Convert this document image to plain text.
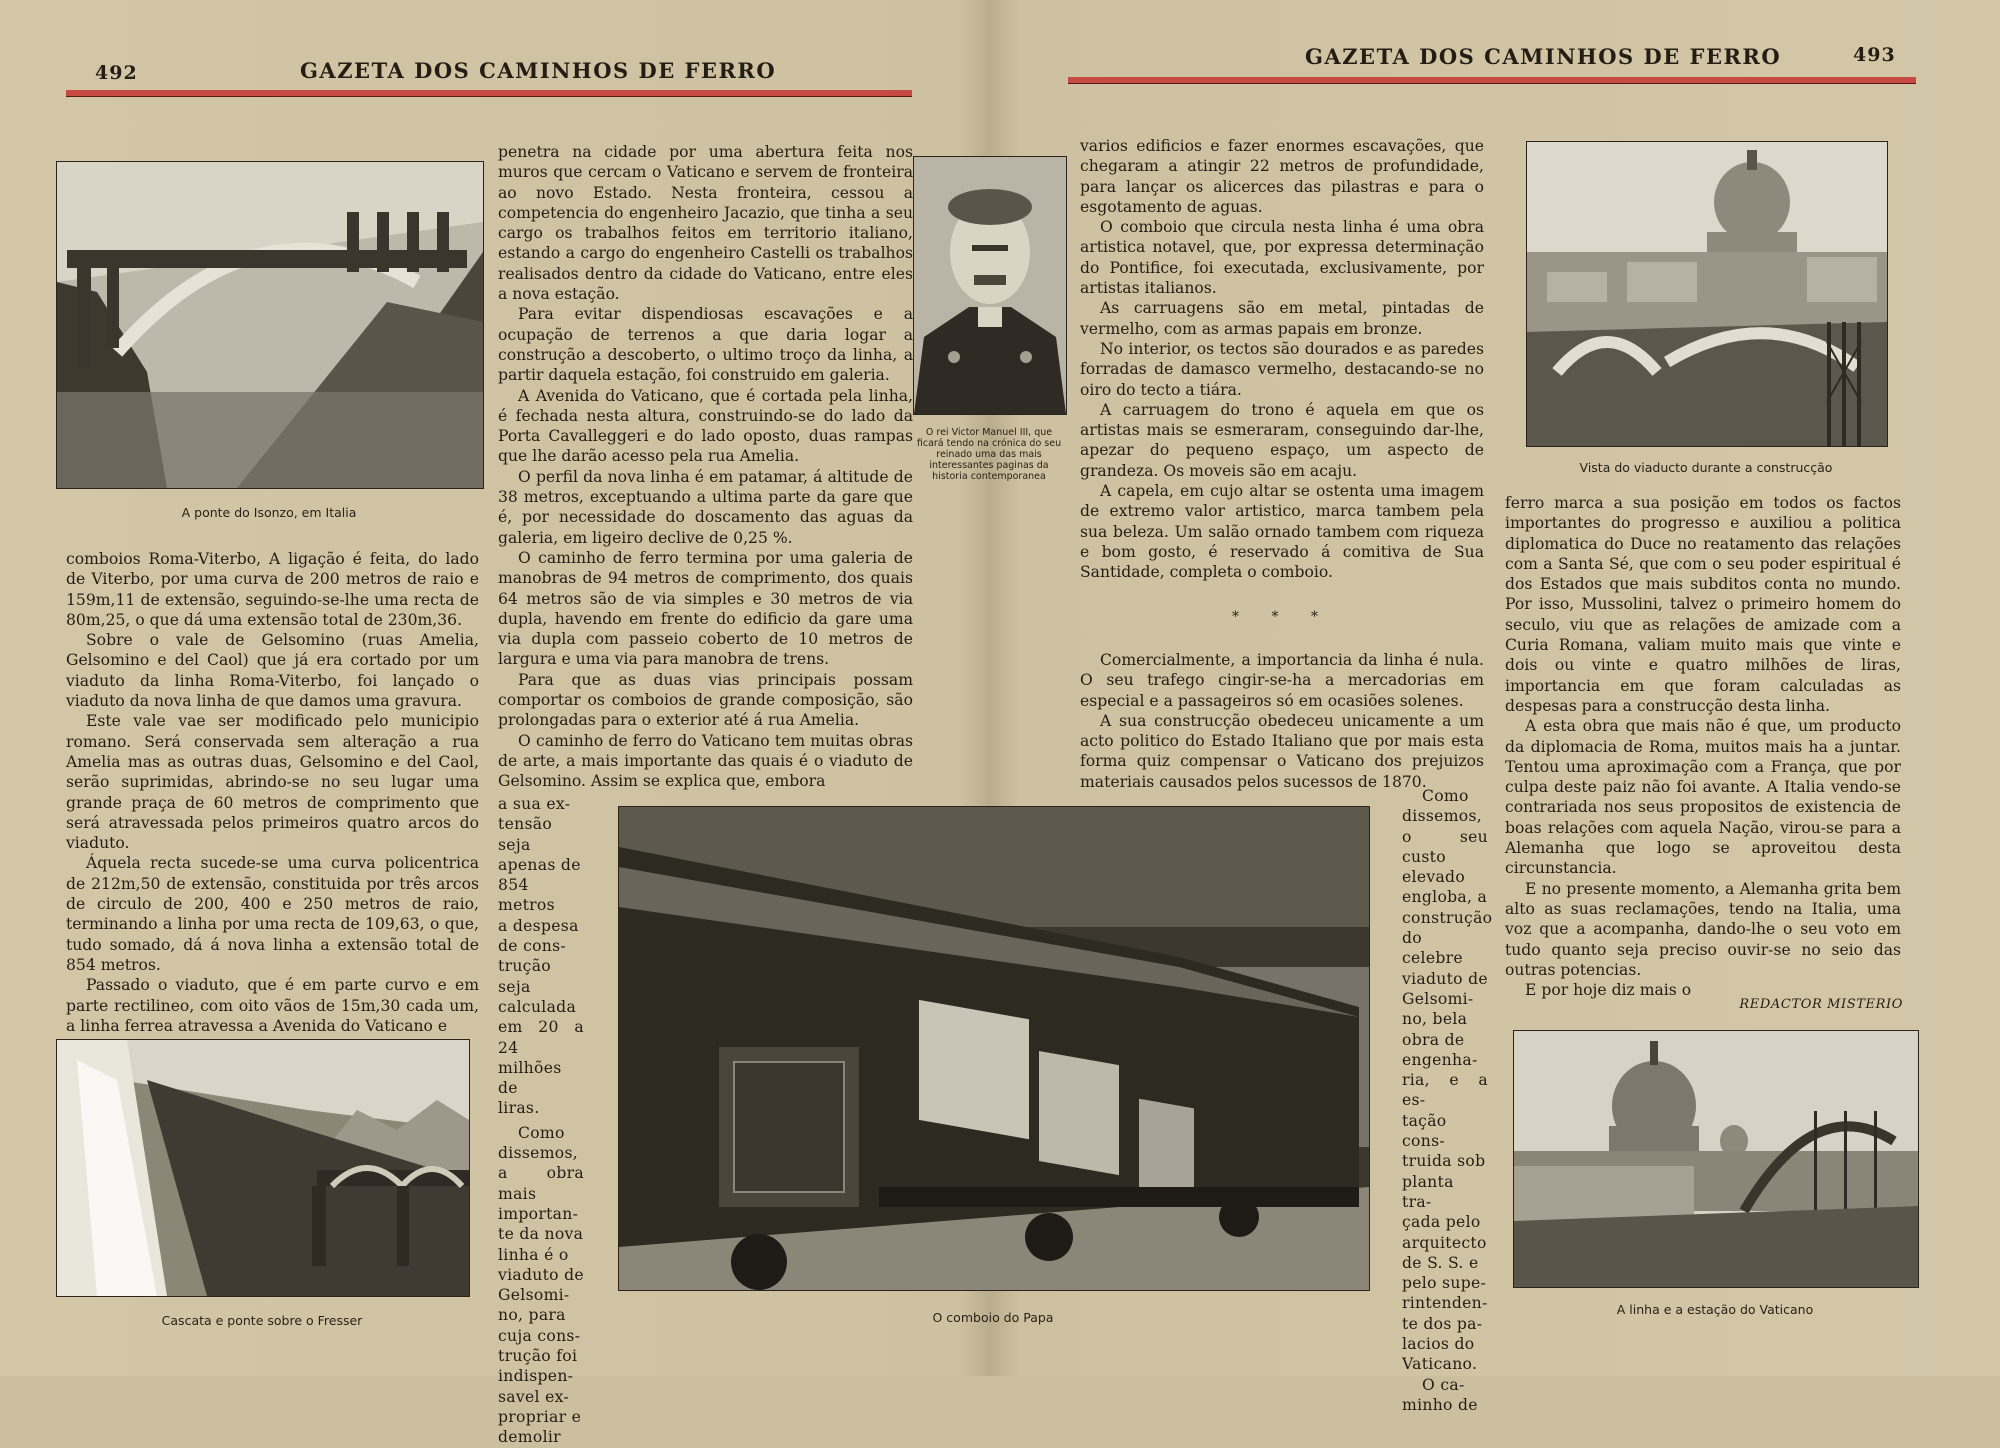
492	GAZETA DOS CAMINHOS DE FERRO
GAZETA DOS CAMINHOS DE FERRO	493
A ponte do Isonzo, em Italia

comboios Roma-Viterbo, A ligação é feita, do lado de Viterbo, por uma curva de 200 metros de raio e 159m,11 de extensão, seguindo-se-lhe uma recta de 80m,25, o que dá uma extensão total de 230m,36.

Sobre o vale de Gelsomino (ruas Amelia, Gelsomino e del Caol) que já era cortado por um viaduto da linha Roma-Viterbo, foi lançado o viaduto da nova linha de que damos uma gravura.

Este vale vae ser modificado pelo municipio romano. Será conservada sem alteração a rua Amelia mas as outras duas, Gelsomino e del Caol, serão suprimidas, abrindo-se no seu lugar uma grande praça de 60 metros de comprimento que será atravessada pelos primeiros quatro arcos do viaduto.

Áquela recta sucede-se uma curva policentrica de 212m,50 de extensão, constituida por três arcos de circulo de 200, 400 e 250 metros de raio, terminando a linha por uma recta de 109,63, o que, tudo somado, dá á nova linha a extensão total de 854 metros.

Passado o viaduto, que é em parte curvo e em parte rectilineo, com oito vãos de 15m,30 cada um, a linha ferrea atravessa a Avenida do Vaticano e

Cascata e ponte sobre o Fresser

penetra na cidade por uma abertura feita nos muros que cercam o Vaticano e servem de fronteira ao novo Estado. Nesta fronteira, cessou a competencia do engenheiro Jacazio, que tinha a seu cargo os trabalhos feitos em territorio italiano, estando a cargo do engenheiro Castelli os trabalhos realisados dentro da cidade do Vaticano, entre eles a nova estação.

Para evitar dispendiosas escavações e a ocupação de terrenos a que daria logar a construção a descoberto, o ultimo troço da linha, a partir daquela estação, foi construido em galeria.

A Avenida do Vaticano, que é cortada pela linha, é fechada nesta altura, construindo-se do lado da Porta Cavalleggeri e do lado oposto, duas rampas que lhe darão acesso pela rua Amelia.

O perfil da nova linha é em patamar, á altitude de 38 metros, exceptuando a ultima parte da gare que é, por necessidade do doscamento das aguas da galeria, em ligeiro declive de 0,25 %.

O caminho de ferro termina por uma galeria de manobras de 94 metros de comprimento, dos quais 64 metros são de via simples e 30 metros de via dupla, havendo em frente do edificio da gare uma via dupla com passeio coberto de 10 metros de largura e uma via para manobra de trens.

Para que as duas vias principais possam comportar os comboios de grande composição, são prolongadas para o exterior até á rua Amelia.

O caminho de ferro do Vaticano tem muitas obras de arte, a mais importante das quais é o viaduto de Gelsomino. Assim se explica que, embora

a sua ex-
tensão seja
apenas de
854 metros
a despesa
de cons-
trução seja
calculada
em 20 a 24
milhões de
liras.
Como
dissemos,
a obra mais
importan-
te da nova
linha é o
viaduto de
Gelsomi-
no, para
cuja cons-
trução foi
indispen-
savel ex-
propriar e
demolir
O rei Victor Manuel III, que ficará tendo na crónica do seu reinado uma das mais interessantes paginas da historia contemporanea
O comboio do Papa

varios edificios e fazer enormes escavações, que chegaram a atingir 22 metros de profundidade, para lançar os alicerces das pilastras e para o esgotamento de aguas.

O comboio que circula nesta linha é uma obra artistica notavel, que, por expressa determinação do Pontifice, foi executada, exclusivamente, por artistas italianos.

As carruagens são em metal, pintadas de vermelho, com as armas papais em bronze.

No interior, os tectos são dourados e as paredes forradas de damasco vermelho, destacando-se no oiro do tecto a tiára.

A carruagem do trono é aquela em que os artistas mais se esmeraram, conseguindo dar-lhe, apezar do pequeno espaço, um aspecto de grandeza. Os moveis são em acaju.

A capela, em cujo altar se ostenta uma imagem de extremo valor artistico, marca tambem pela sua beleza. Um salão ornado tambem com riqueza e bom gosto, é reservado á comitiva de Sua Santidade, completa o comboio.

* * *

Comercialmente, a importancia da linha é nula. O seu trafego cingir-se-ha a mercadorias em especial e a passageiros só em ocasiões solenes.

A sua construcção obedeceu unicamente a um acto politico do Estado Italiano que por mais esta forma quiz compensar o Vaticano dos prejuizos materiais causados pelos sucessos de 1870.

Como
dissemos,
o seu custo
elevado
engloba, a
construção
do celebre
viaduto de
Gelsomi-
no, bela
obra de
engenha-
ria, e a es-
tação cons-
truida sob
planta tra-
çada pelo
arquitecto
de S. S. e
pelo supe-
rintenden-
te dos pa-
lacios do
Vaticano.
O ca-
minho de
Vista do viaducto durante a construcção

ferro marca a sua posição em todos os factos importantes do progresso e auxiliou a politica diplomatica do Duce no reatamento das relações com a Santa Sé, que com o seu poder espiritual é dos Estados que mais subditos conta no mundo. Por isso, Mussolini, talvez o primeiro homem do seculo, viu que as relações de amizade com a Curia Romana, valiam muito mais que vinte e dois ou vinte e quatro milhões de liras, importancia em que foram calculadas as despesas para a construcção desta linha.

A esta obra que mais não é que, um producto da diplomacia de Roma, muitos mais ha a juntar. Tentou uma aproximação com a França, que por culpa deste paiz não foi avante. A Italia vendo-se contrariada nos seus propositos de existencia de boas relações com aquela Nação, virou-se para a Alemanha que logo se aproveitou desta circunstancia.

E no presente momento, a Alemanha grita bem alto as suas reclamações, tendo na Italia, uma voz que a acompanha, dando-lhe o seu voto em tudo quanto seja preciso ouvir-se no seio das outras potencias.

E por hoje diz mais o

REDACTOR MISTERIO
A linha e a estação do Vaticano
